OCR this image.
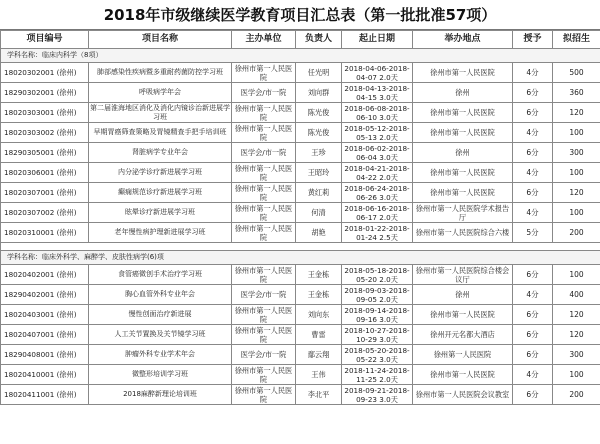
2018年市级继续医学教育项目汇总表（第一批批准57项）
项目编号	项目名称	主办单位	负责人	起止日期	举办地点	授予	拟招生
学科名称：临床内科学（8项）							
18020302001 (徐州)	肺部感染性疾病暨多重耐药菌防控学习班	徐州市第一人民医院	任光明	2018-04-06-2018-04-07 2.0天	徐州市第一人民医院	4分	500
18290302001 (徐州)	呼吸病学年会	医学会/市一院	刘向群	2018-04-13-2018-04-15 3.0天	徐州	6分	360
18020303001 (徐州)	第二届淮海地区消化及消化内镜诊治新进展学习班	徐州市第一人民医院	陈光俊	2018-06-08-2018-06-10 3.0天	徐州市第一人民医院	6分	120
18020303002 (徐州)	早期胃癌筛查策略及胃镜精查手把手培训班	徐州市第一人民医院	陈光俊	2018-05-12-2018-05-13 2.0天	徐州市第一人民医院	4分	100
18290305001 (徐州)	肾脏病学专业年会	医学会/市一院	王珍	2018-06-02-2018-06-04 3.0天	徐州	6分	300
18020306001 (徐州)	内分泌学诊疗新进展学习班	徐州市第一人民医院	王昭玲	2018-04-21-2018-04-22 2.0天	徐州市第一人民医院	4分	100
18020307001 (徐州)	癫痫规范诊疗新进展学习班	徐州市第一人民医院	黄红莉	2018-06-24-2018-06-26 3.0天	徐州市第一人民医院	6分	120
18020307002 (徐州)	眩晕诊疗新进展学习班	徐州市第一人民医院	何清	2018-06-16-2018-06-17 2.0天	徐州市第一人民医院学术报告厅	4分	100
18020310001 (徐州)	老年慢性病护理新进展学习班	徐州市第一人民医院	胡艳	2018-01-22-2018-01-24 2.5天	徐州市第一人民医院综合六楼	5分	200

学科名称：临床外科学、麻醉学、皮肤性病学(6)项							
18020402001 (徐州)	食管癌微创手术治疗学习班	徐州市第一人民医院	王金栋	2018-05-18-2018-05-20 2.0天	徐州市第一人民医院综合楼会议厅	6分	100
18290402001 (徐州)	胸心血管外科专业年会	医学会/市一院	王金栋	2018-09-03-2018-09-05 2.0天	徐州	4分	400
18020403001 (徐州)	慢性创面治疗新进展	徐州市第一人民医院	刘向东	2018-09-14-2018-09-16 3.0天	徐州市第一人民医院	6分	120
18020407001 (徐州)	人工关节置换及关节镜学习班	徐州市第一人民医院	曹雷	2018-10-27-2018-10-29 3.0天	徐州开元名都大酒店	6分	120
18290408001 (徐州)	肿瘤外科专业学术年会	医学会/市一院	鄢云翔	2018-05-20-2018-05-22 3.0天	徐州第一人民医院	6分	300
18020410001 (徐州)	微整形培训学习班	徐州市第一人民医院	王伟	2018-11-24-2018-11-25 2.0天	徐州市第一人民医院	4分	100
18020411001 (徐州)	2018麻醉新理论培训班	徐州市第一人民医院	李北平	2018-09-21-2018-09-23 3.0天	徐州市第一人民医院会议教室	6分	200
